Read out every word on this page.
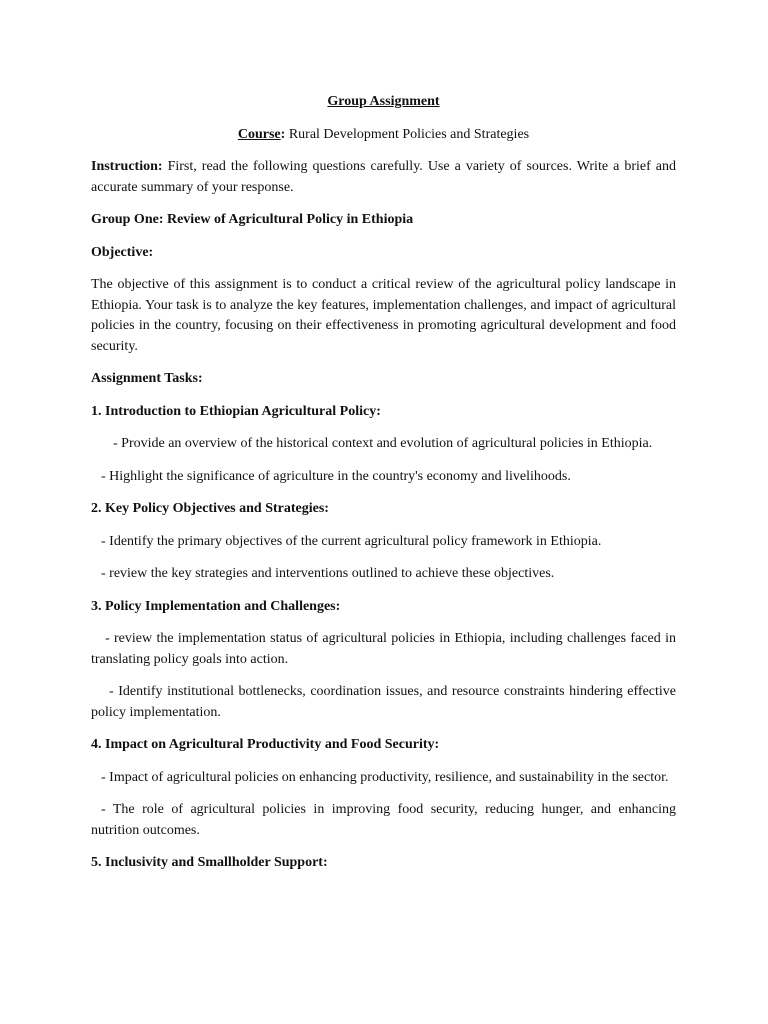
Group Assignment

Course: Rural Development Policies and Strategies

Instruction: First, read the following questions carefully. Use a variety of sources. Write a brief and accurate summary of your response.

Group One: Review of Agricultural Policy in Ethiopia

Objective:

The objective of this assignment is to conduct a critical review of the agricultural policy landscape in Ethiopia. Your task is to analyze the key features, implementation challenges, and impact of agricultural policies in the country, focusing on their effectiveness in promoting agricultural development and food security.

Assignment Tasks:

1. Introduction to Ethiopian Agricultural Policy:

- Provide an overview of the historical context and evolution of agricultural policies in Ethiopia.

- Highlight the significance of agriculture in the country's economy and livelihoods.

2. Key Policy Objectives and Strategies:

- Identify the primary objectives of the current agricultural policy framework in Ethiopia.

- review the key strategies and interventions outlined to achieve these objectives.

3. Policy Implementation and Challenges:

- review the implementation status of agricultural policies in Ethiopia, including challenges faced in translating policy goals into action.

- Identify institutional bottlenecks, coordination issues, and resource constraints hindering effective policy implementation.

4. Impact on Agricultural Productivity and Food Security:

- Impact of agricultural policies on enhancing productivity, resilience, and sustainability in the sector.

- The role of agricultural policies in improving food security, reducing hunger, and enhancing nutrition outcomes.

5. Inclusivity and Smallholder Support:
